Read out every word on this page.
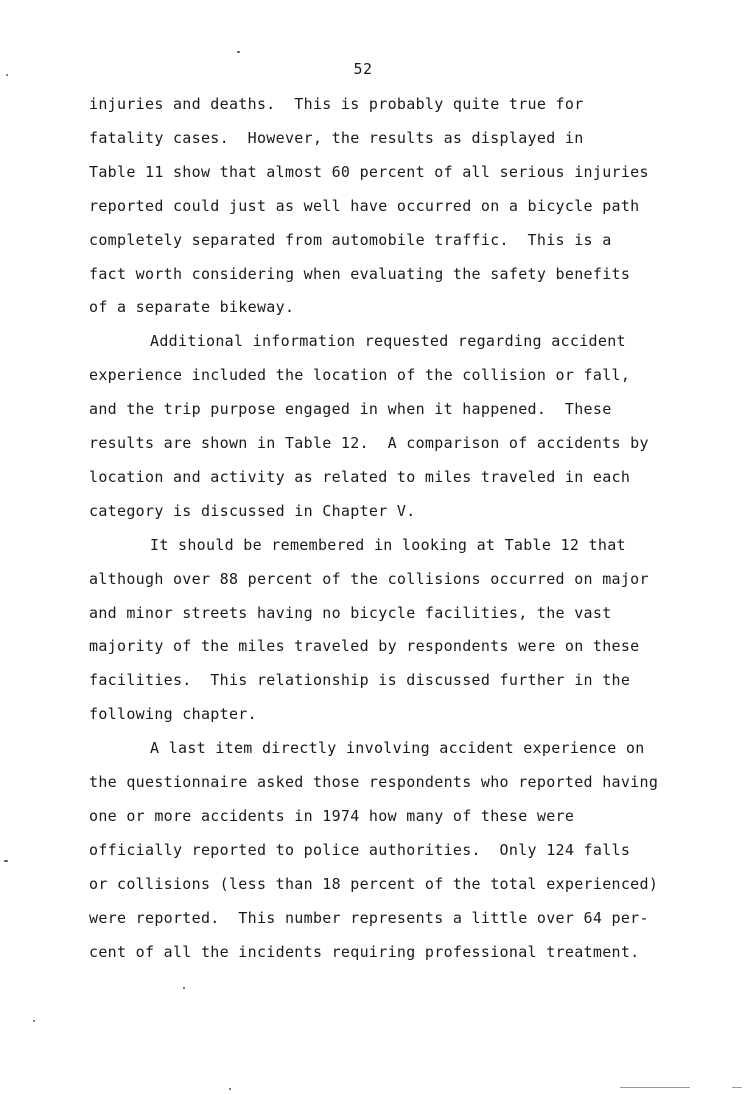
52
injuries and deaths.  This is probably quite true for
fatality cases.  However, the results as displayed in
Table 11 show that almost 60 percent of all serious injuries
reported could just as well have occurred on a bicycle path
completely separated from automobile traffic.  This is a
fact worth considering when evaluating the safety benefits
of a separate bikeway.
Additional information requested regarding accident
experience included the location of the collision or fall,
and the trip purpose engaged in when it happened.  These
results are shown in Table 12.  A comparison of accidents by
location and activity as related to miles traveled in each
category is discussed in Chapter V.
It should be remembered in looking at Table 12 that
although over 88 percent of the collisions occurred on major
and minor streets having no bicycle facilities, the vast
majority of the miles traveled by respondents were on these
facilities.  This relationship is discussed further in the
following chapter.
A last item directly involving accident experience on
the questionnaire asked those respondents who reported having
one or more accidents in 1974 how many of these were
officially reported to police authorities.  Only 124 falls
or collisions (less than 18 percent of the total experienced)
were reported.  This number represents a little over 64 per-
cent of all the incidents requiring professional treatment.
